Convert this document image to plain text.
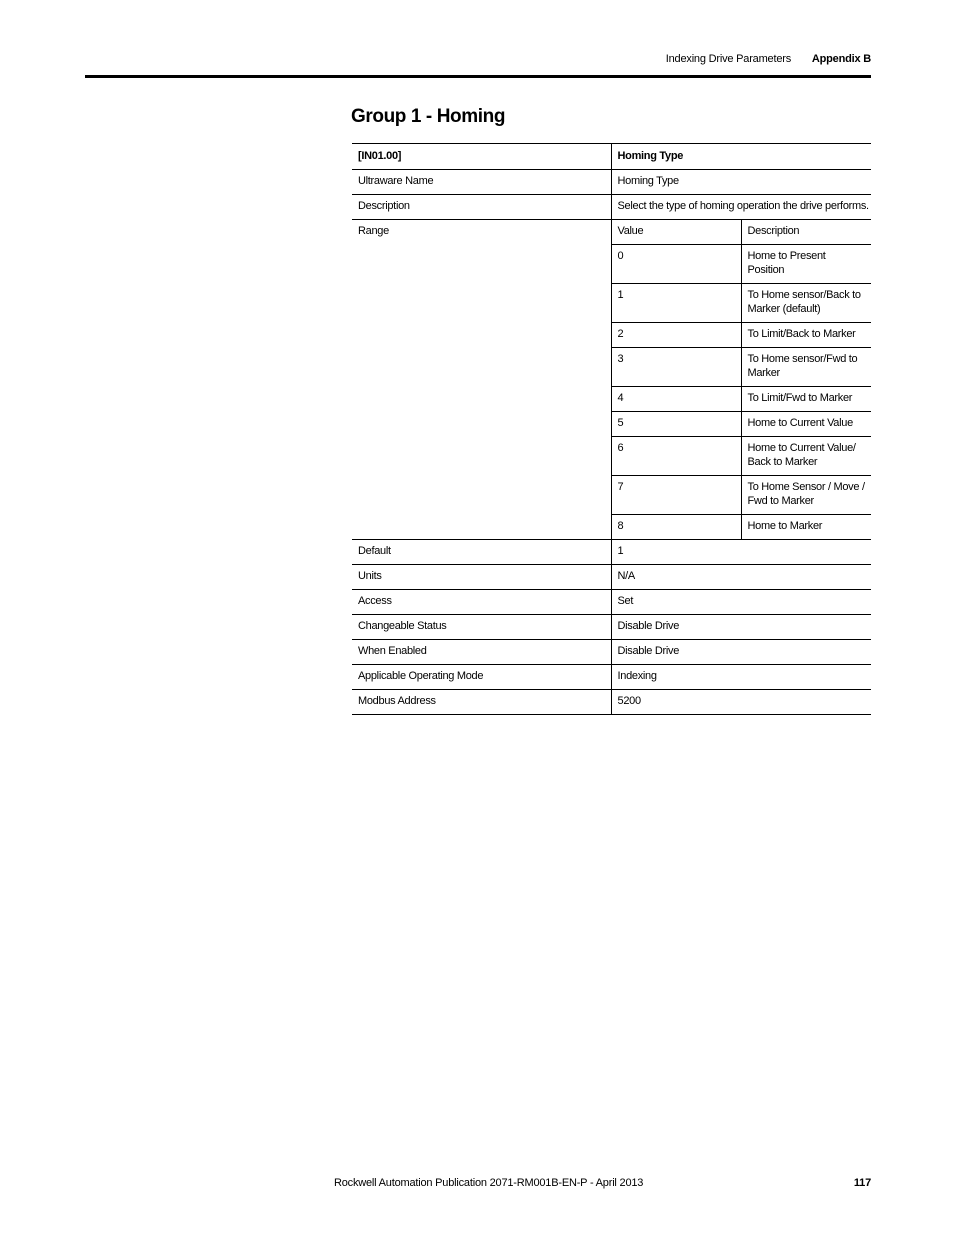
Indexing Drive Parameters Appendix B
Group 1 - Homing
[IN01.00]	Homing Type	
Ultraware Name	Homing Type	
Description	Select the type of homing operation the drive performs.	
Range	Value	Description
	0	Home to Present Position
	1	To Home sensor/Back to Marker (default)
	2	To Limit/Back to Marker
	3	To Home sensor/Fwd to Marker
	4	To Limit/Fwd to Marker
	5	Home to Current Value
	6	Home to Current Value/ Back to Marker
	7	To Home Sensor / Move / Fwd to Marker
	8	Home to Marker
Default	1	
Units	N/A	
Access	Set	
Changeable Status	Disable Drive	
When Enabled	Disable Drive	
Applicable Operating Mode	Indexing	
Modbus Address	5200	
Rockwell Automation Publication 2071-RM001B-EN-P - April 2013	117
